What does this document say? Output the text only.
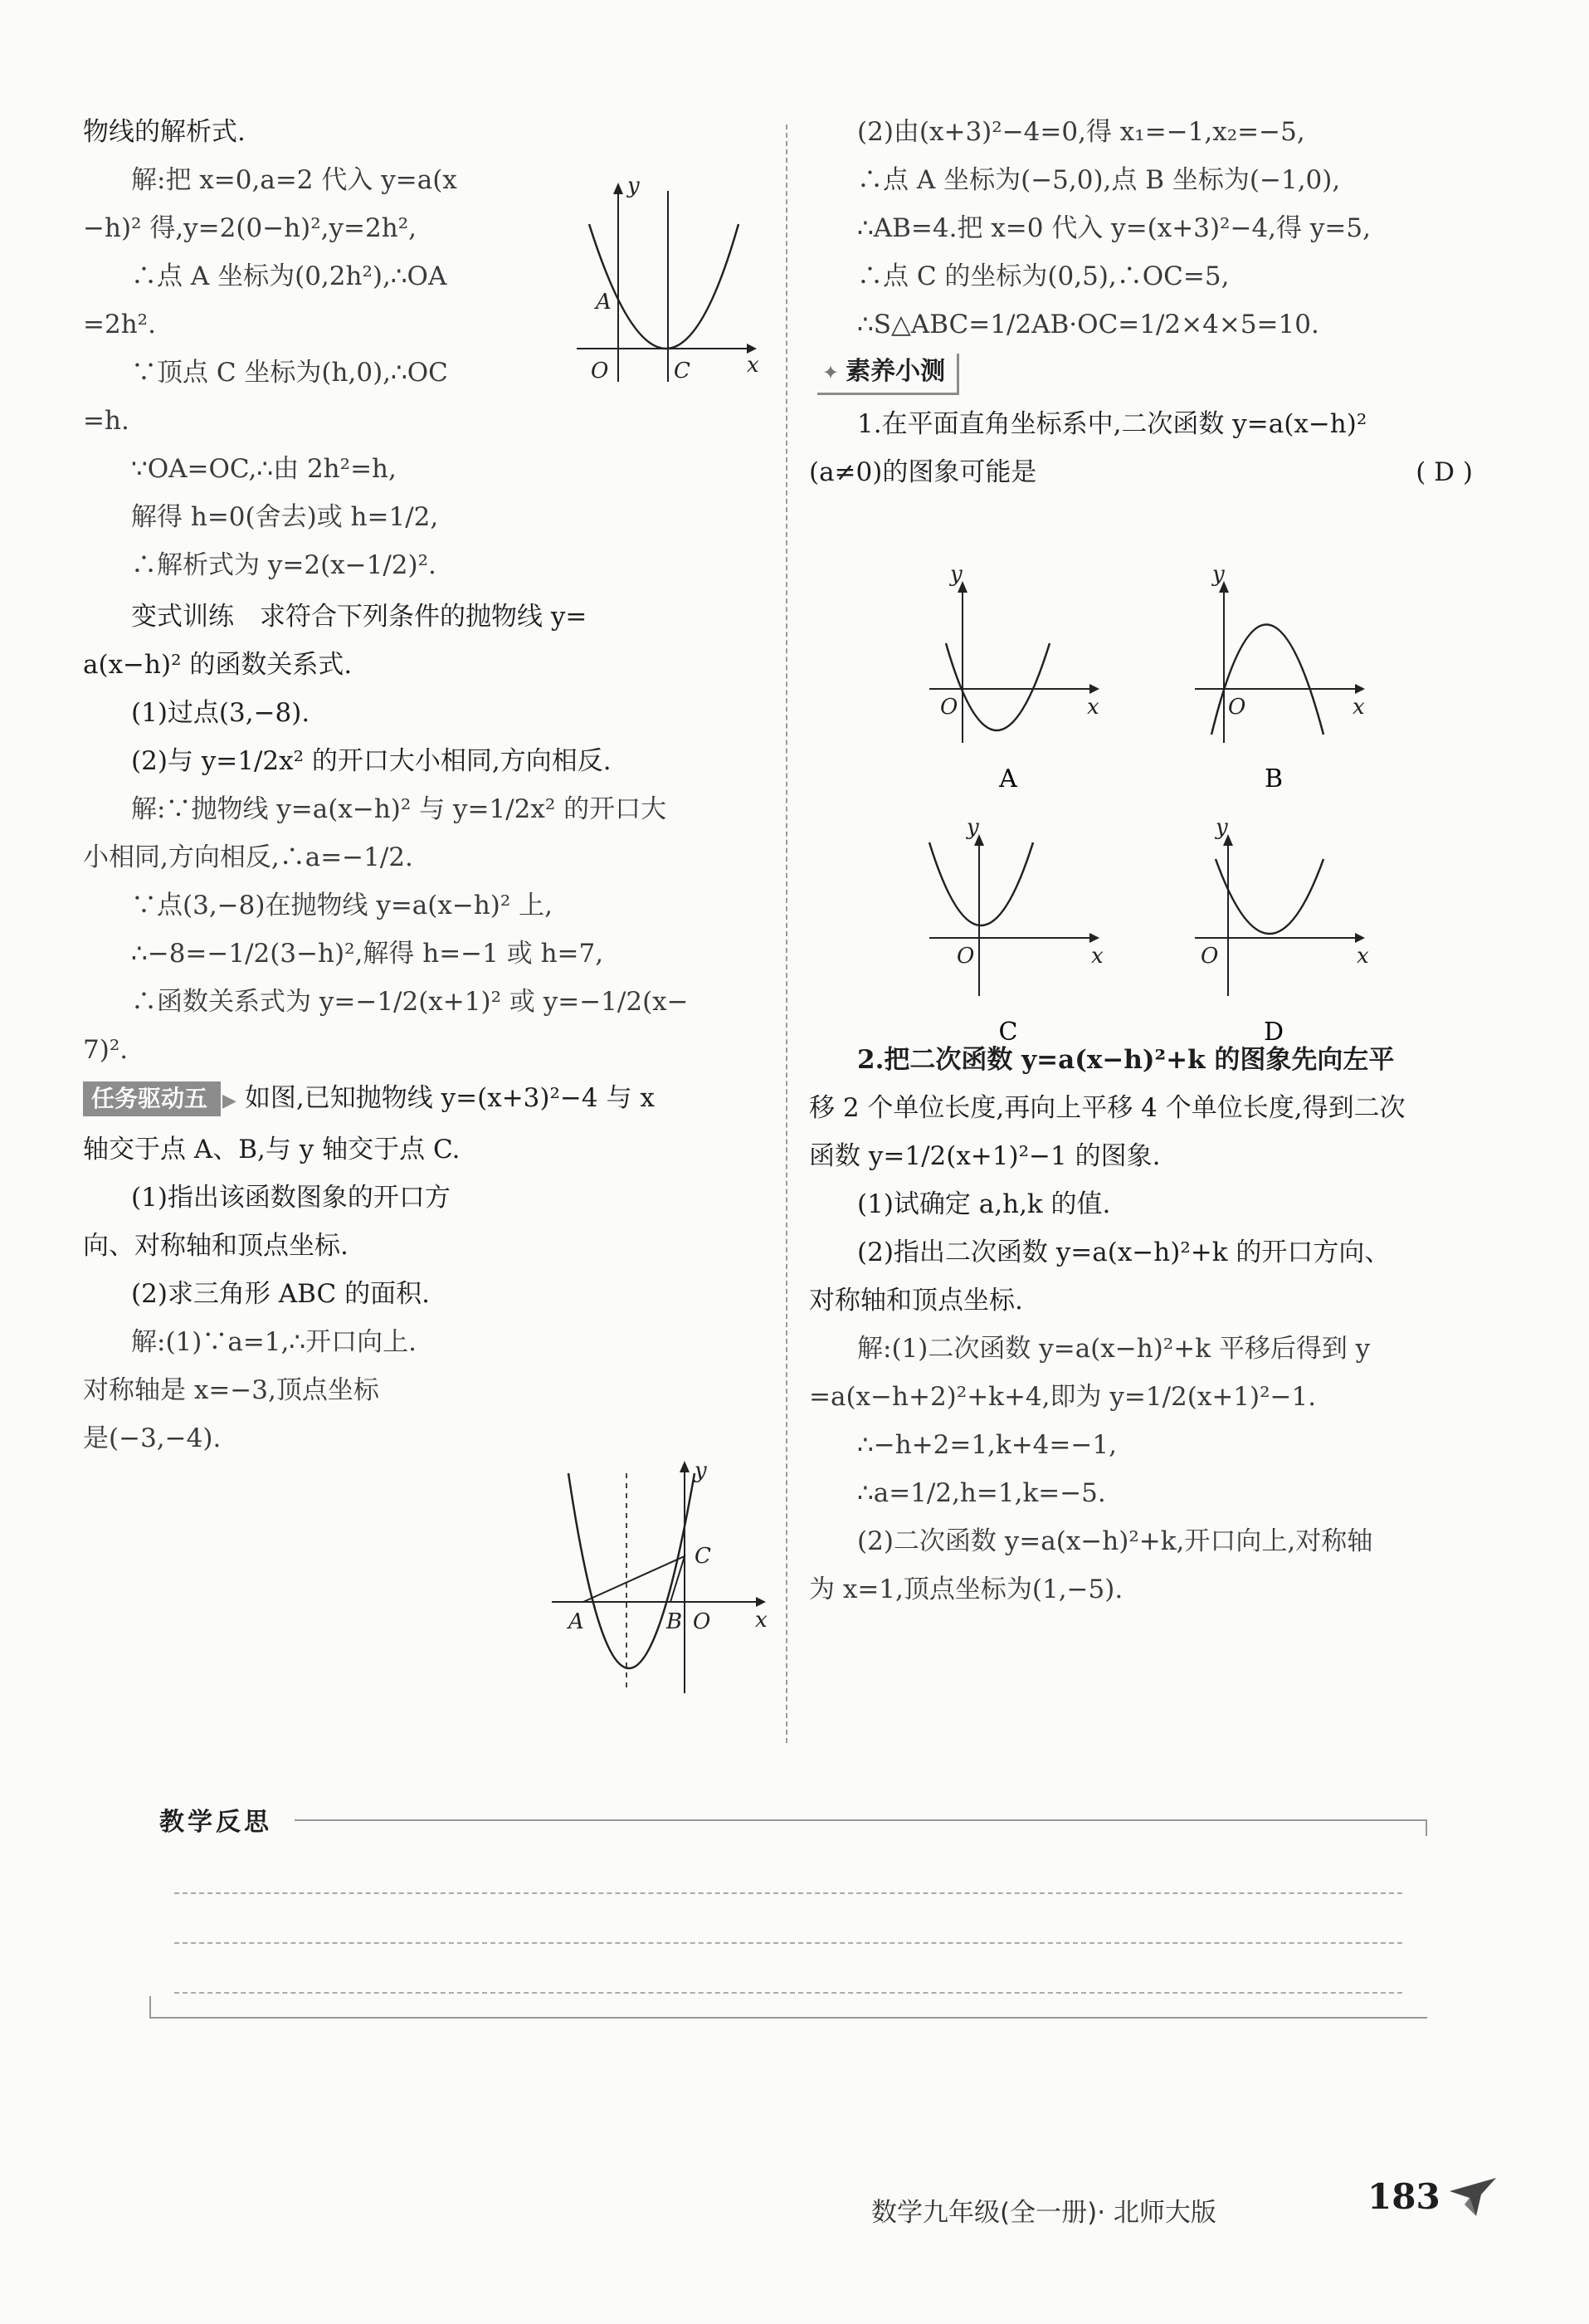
物线的解析式.
解:把 x=0,a=2 代入 y=a(x
−h)² 得,y=2(0−h)²,y=2h²,
∴点 A 坐标为(0,2h²),∴OA
=2h².
∵顶点 C 坐标为(h,0),∴OC
=h.
∵OA=OC,∴由 2h²=h,
解得 h=0(舍去)或 h=1/2,
∴解析式为 y=2(x−1/2)².
变式训练　求符合下列条件的抛物线 y=
a(x−h)² 的函数关系式.
(1)过点(3,−8).
(2)与 y=1/2x² 的开口大小相同,方向相反.
解:∵抛物线 y=a(x−h)² 与 y=1/2x² 的开口大
小相同,方向相反,∴a=−1/2.
∵点(3,−8)在抛物线 y=a(x−h)² 上,
∴−8=−1/2(3−h)²,解得 h=−1 或 h=7,
∴函数关系式为 y=−1/2(x+1)² 或 y=−1/2(x−
7)².
任务驱动五 ▶ 如图,已知抛物线 y=(x+3)²−4 与 x
轴交于点 A、B,与 y 轴交于点 C.
(1)指出该函数图象的开口方
向、对称轴和顶点坐标.
(2)求三角形 ABC 的面积.
解:(1)∵a=1,∴开口向上.
对称轴是 x=−3,顶点坐标
是(−3,−4).
y
x
O
A
C
y
x
A	B O
C
(2)由(x+3)²−4=0,得 x₁=−1,x₂=−5,
∴点 A 坐标为(−5,0),点 B 坐标为(−1,0),
∴AB=4.把 x=0 代入 y=(x+3)²−4,得 y=5,
∴点 C 的坐标为(0,5),∴OC=5,
∴S△ABC=1/2AB·OC=1/2×4×5=10.
✦ 素养小测
1.在平面直角坐标系中,二次函数 y=a(x−h)²
(a≠0)的图象可能是	( D )
2.把二次函数 y=a(x−h)²+k 的图象先向左平
移 2 个单位长度,再向上平移 4 个单位长度,得到二次
函数 y=1/2(x+1)²−1 的图象.
(1)试确定 a,h,k 的值.
(2)指出二次函数 y=a(x−h)²+k 的开口方向、
对称轴和顶点坐标.
解:(1)二次函数 y=a(x−h)²+k 平移后得到 y
=a(x−h+2)²+k+4,即为 y=1/2(x+1)²−1.
∴−h+2=1,k+4=−1,
∴a=1/2,h=1,k=−5.
(2)二次函数 y=a(x−h)²+k,开口向上,对称轴
为 x=1,顶点坐标为(1,−5).
y
x
O
A
y
x
O
B
y
x
O
C
y
x
O
D
教学反思
数学九年级(全一册)· 北师大版	183
